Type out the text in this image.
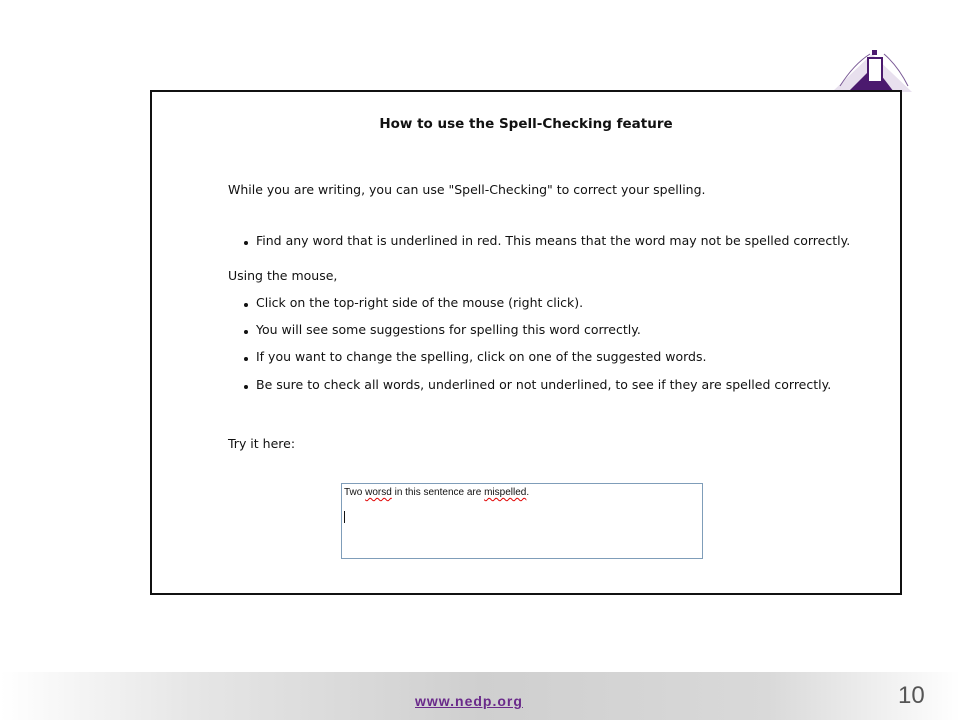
How to use the Spell-Checking feature
While you are writing, you can use "Spell-Checking" to correct your spelling.
Find any word that is underlined in red. This means that the word may not be spelled correctly.
Using the mouse,
Click on the top-right side of the mouse (right click).
You will see some suggestions for spelling this word correctly.
If you want to change the spelling, click on one of the suggested words.
Be sure to check all words, underlined or not underlined, to see if they are spelled correctly.
Try it here:
Two worsd in this sentence are mispelled.
www.nedp.org	10
